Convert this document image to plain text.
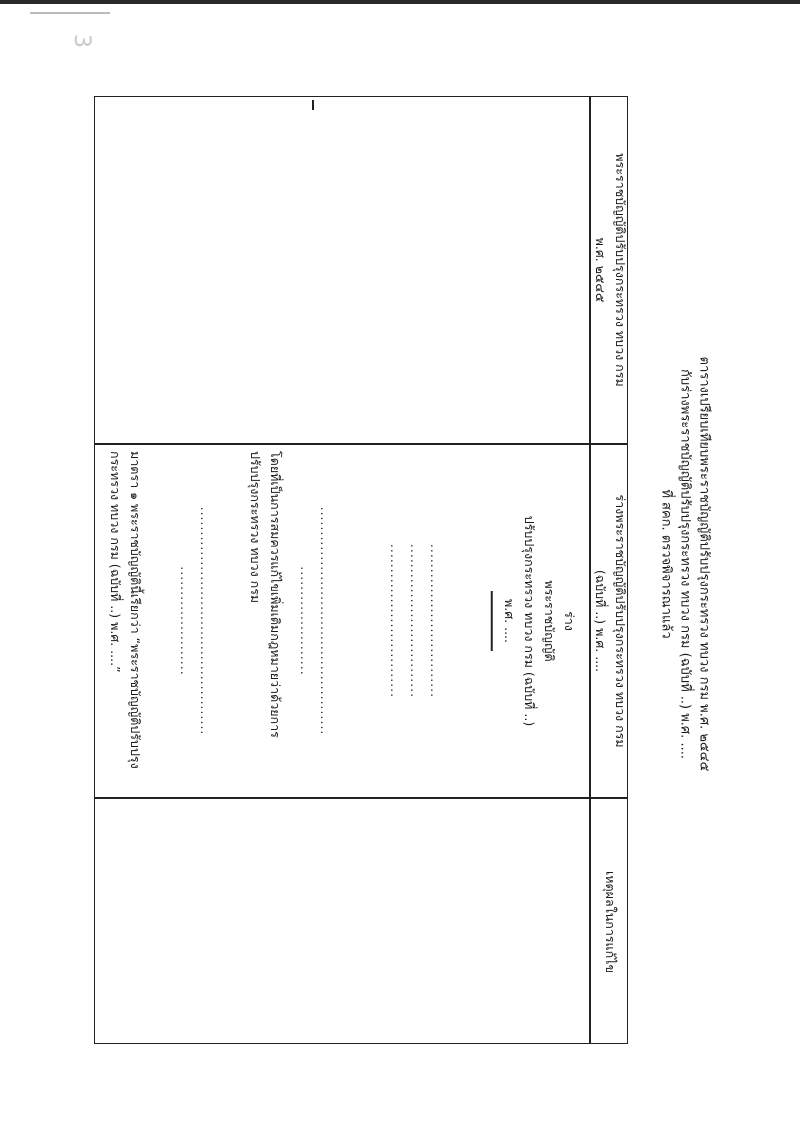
3
ตารางเปรียบเทียบพระราชบัญญัติปรับปรุงกระทรวง ทบวง กรม พ.ศ. ๒๕๔๕
กับร่างพระราชบัญญัติปรับปรุงกระทรวง ทบวง กรม (ฉบับที่ ..) พ.ศ. ....
ที่ สคก. ตรวจพิจารณาแล้ว
พระราชบัญญัติปรับปรุงกระทรวง ทบวง กรม
พ.ศ. ๒๕๔๕
ร่างพระราชบัญญัติปรับปรุงกระทรวง ทบวง กรม
(ฉบับที่ ..) พ.ศ. ....
เหตุผลในการแก้ไข
ร่าง
พระราชบัญญัติ
ปรับปรุงกระทรวง ทบวง กรม (ฉบับที่ ..)
พ.ศ. ....
...............................
...............................
...............................
..............................................
......................
โดยที่เป็นการสมควรแก้ไขเพิ่มเติมกฎหมายว่าด้วยการ
ปรับปรุงกระทรวง ทบวง กรม
..............................................
......................
มาตรา ๑ พระราชบัญญัตินี้เรียกว่า “พระราชบัญญัติปรับปรุง
กระทรวง ทบวง กรม (ฉบับที่ ..) พ.ศ. ....”
